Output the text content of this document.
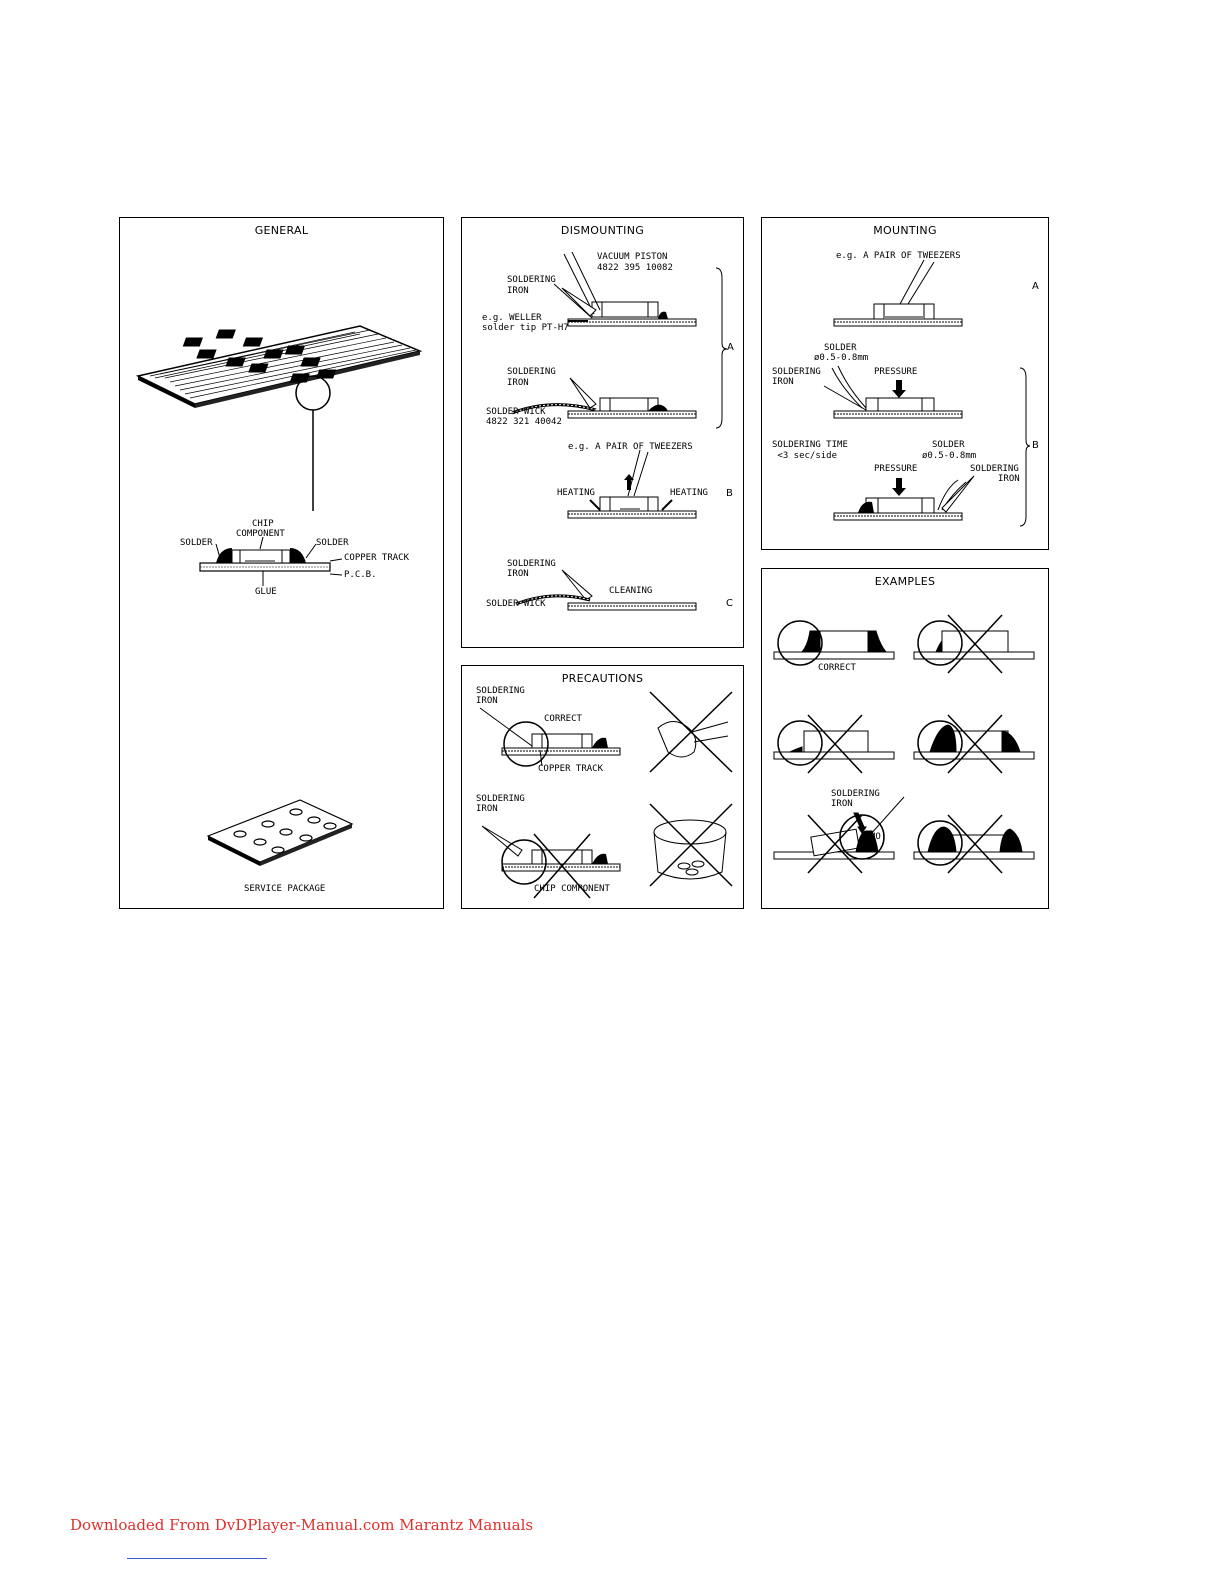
GENERAL
CHIP
COMPONENT
SOLDER	SOLDER
COPPER TRACK
P.C.B.
GLUE
SERVICE PACKAGE
DISMOUNTING
VACUUM PISTON
4822 395 10082
SOLDERING
IRON
e.g. WELLER
solder tip PT-H7
SOLDERING
IRON
SOLDER WICK
4822 321 40042
A
e.g. A PAIR OF TWEEZERS
HEATING	HEATING B
SOLDERING
IRON
CLEANING
SOLDER WICK	C
MOUNTING
e.g. A PAIR OF TWEEZERS
A
SOLDER
ø0.5-0.8mm
SOLDERING
IRON
PRESSURE
SOLDERING TIME
<3 sec/side
SOLDER
ø0.5-0.8mm
B
PRESSURE	SOLDERING
IRON
PRECAUTIONS
SOLDERING
IRON
CORRECT
COPPER TRACK
SOLDERING
IRON
CHIP COMPONENT
EXAMPLES
CORRECT
SOLDERING
IRON
NO!
Downloaded From DvDPlayer-Manual.com Marantz Manuals
